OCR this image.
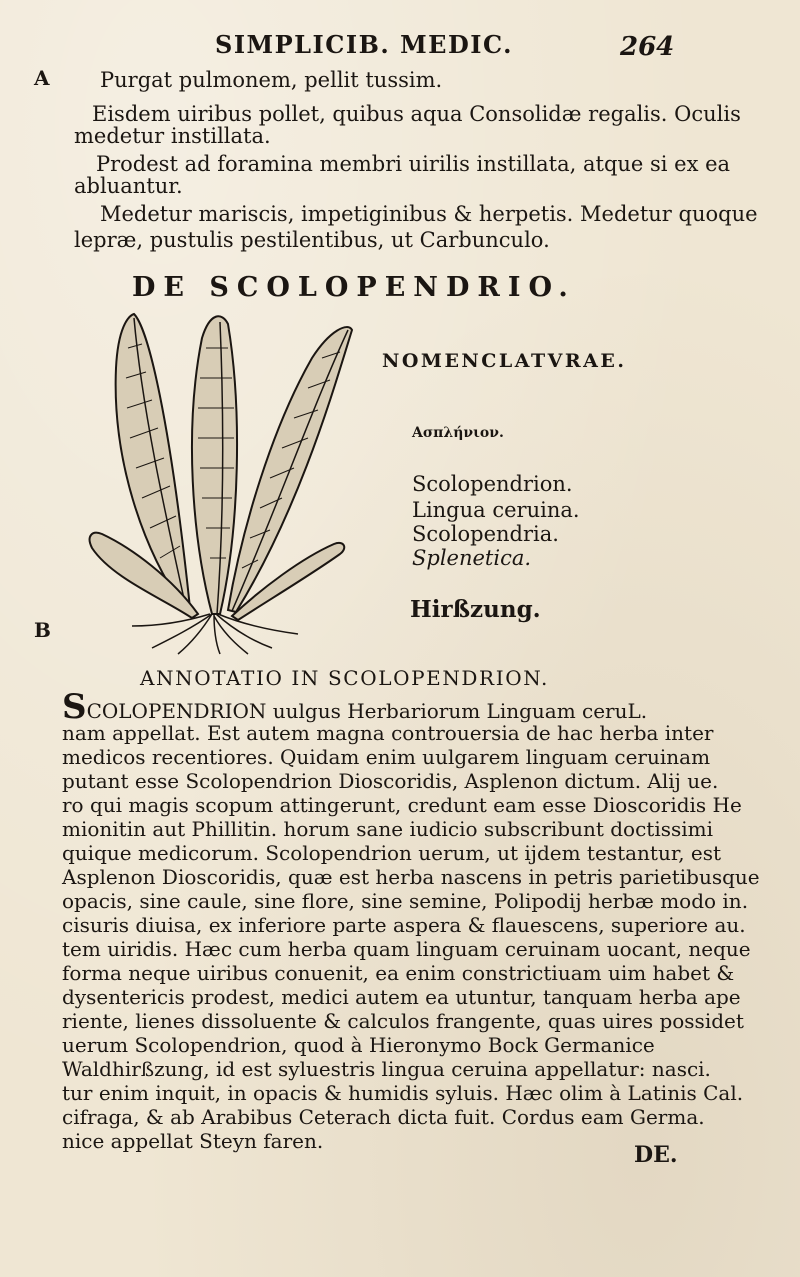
SIMPLICIB. MEDIC.	264
A
B
Purgat pulmonem, pellit tussim.
Eisdem uiribus pollet, quibus aqua Consolidæ regalis. Oculis
medetur instillata.
Prodest ad foramina membri uirilis instillata, atque si ex ea
abluantur.
Medetur mariscis, impetiginibus & herpetis. Medetur quoque
lepræ, pustulis pestilentibus, ut Carbunculo.
DE SCOLOPENDRIO.
NOMENCLATVRAE.
Ασπλήνιον.
Scolopendrion.
Lingua ceruina.
Scolopendria.
Splenetica.
Hirßzung.
ANNOTATIO IN SCOLOPENDRION.
SCOLOPENDRION uulgus Herbariorum Linguam ceruL.
nam appellat. Est autem magna controuersia de hac herba inter
medicos recentiores. Quidam enim uulgarem linguam ceruinam
putant esse Scolopendrion Dioscoridis, Asplenon dictum. Alij ue.
ro qui magis scopum attingerunt, credunt eam esse Dioscoridis He
mionitin aut Phillitin. horum sane iudicio subscribunt doctissimi
quique medicorum. Scolopendrion uerum, ut ijdem testantur, est
Asplenon Dioscoridis, quæ est herba nascens in petris parietibusque
opacis, sine caule, sine flore, sine semine, Polipodij herbæ modo in.
cisuris diuisa, ex inferiore parte aspera & flauescens, superiore au.
tem uiridis. Hæc cum herba quam linguam ceruinam uocant, neque
forma neque uiribus conuenit, ea enim constrictiuam uim habet &
dysentericis prodest, medici autem ea utuntur, tanquam herba ape
riente, lienes dissoluente & calculos frangente, quas uires possidet
uerum Scolopendrion, quod à Hieronymo Bock Germanice
Waldhirßzung, id est syluestris lingua ceruina appellatur: nasci.
tur enim inquit, in opacis & humidis syluis. Hæc olim à Latinis Cal.
cifraga, & ab Arabibus Ceterach dicta fuit. Cordus eam Germa.
nice appellat Steyn faren.
DE.
